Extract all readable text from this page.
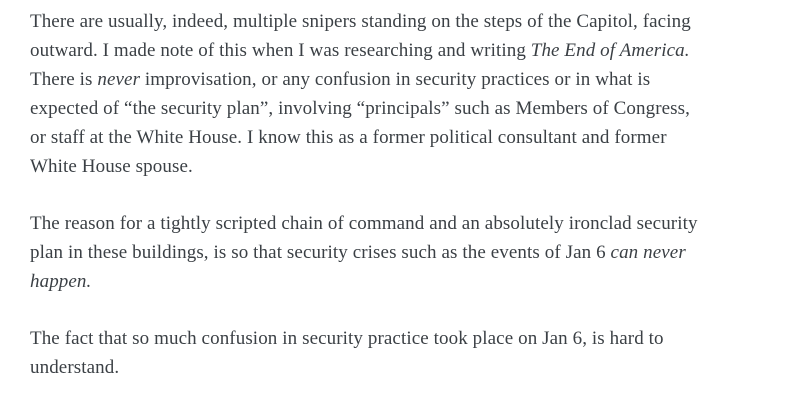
There are usually, indeed, multiple snipers standing on the steps of the Capitol, facing
outward. I made note of this when I was researching and writing The End of America.
There is never improvisation, or any confusion in security practices or in what is
expected of “the security plan”, involving “principals” such as Members of Congress,
or staff at the White House. I know this as a former political consultant and former
White House spouse.

The reason for a tightly scripted chain of command and an absolutely ironclad security
plan in these buildings, is so that security crises such as the events of Jan 6 can never
happen.

The fact that so much confusion in security practice took place on Jan 6, is hard to
understand.
